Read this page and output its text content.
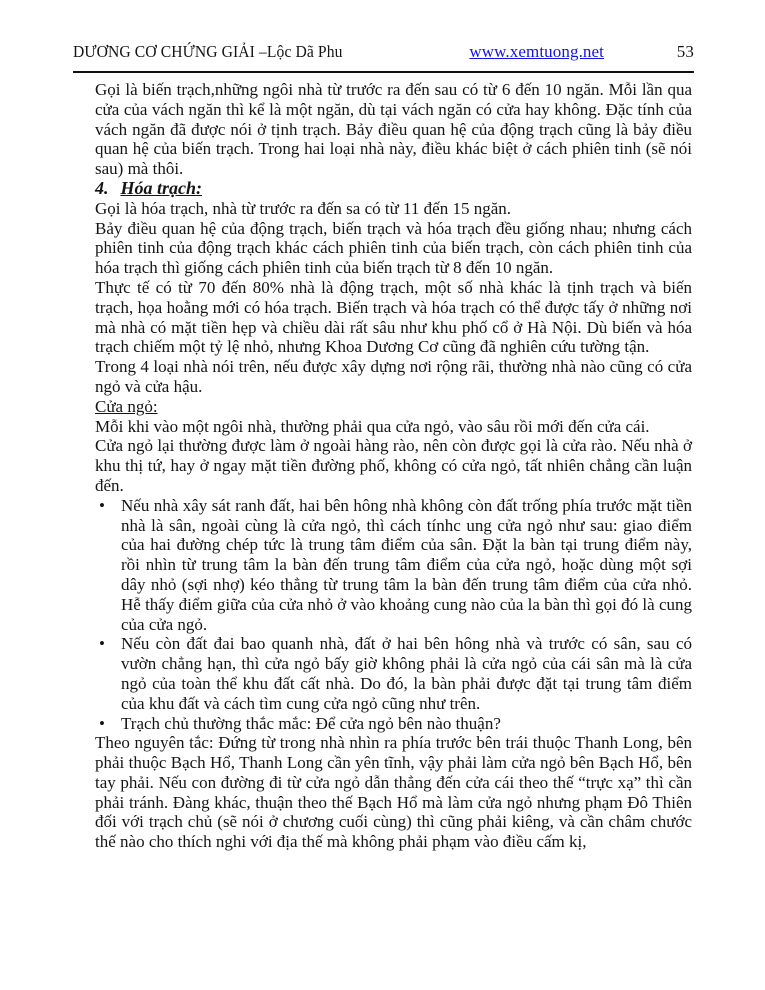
DƯƠNG CƠ CHỨNG GIẢI –Lộc Dã Phu	www.xemtuong.net	53

Gọi là biến trạch,những ngôi nhà từ trước ra đến sau có từ 6 đến 10 ngăn. Mỗi lần qua cửa của vách ngăn thì kể là một ngăn, dù tại vách ngăn có cửa hay không. Đặc tính của vách ngăn đã được nói ở tịnh trạch. Bảy điều quan hệ của động trạch cũng là bảy điều quan hệ của biến trạch. Trong hai loại nhà này, điều khác biệt ở cách phiên tinh (sẽ nói sau) mà thôi.

4. Hóa trạch:

Gọi là hóa trạch, nhà từ trước ra đến sa có từ 11 đến 15 ngăn.

Bảy điều quan hệ của động trạch, biến trạch và hóa trạch đều giống nhau; nhưng cách phiên tinh của động trạch khác cách phiên tinh của biến trạch, còn cách phiên tinh của hóa trạch thì giống cách phiên tinh của biến trạch từ 8 đến 10 ngăn.

Thực tế có từ 70 đến 80% nhà là động trạch, một số nhà khác là tịnh trạch và biến trạch, họa hoằng mới có hóa trạch. Biến trạch và hóa trạch có thể được tấy ở những nơi mà nhà có mặt tiền hẹp và chiều dài rất sâu như khu phố cổ ở Hà Nội. Dù biến và hóa trạch chiếm một tỷ lệ nhỏ, nhưng Khoa Dương Cơ cũng đã nghiên cứu tường tận.

Trong 4 loại nhà nói trên, nếu được xây dựng nơi rộng rãi, thường nhà nào cũng có cửa ngỏ và cửa hậu.

Cửa ngỏ:

Mỗi khi vào một ngôi nhà, thường phải qua cửa ngỏ, vào sâu rồi mới đến cửa cái.

Cửa ngỏ lại thường được làm ở ngoài hàng rào, nên còn được gọi là cửa rào. Nếu nhà ở khu thị tứ, hay ở ngay mặt tiền đường phố, không có cửa ngỏ, tất nhiên chẳng cần luận đến.

• Nếu nhà xây sát ranh đất, hai bên hông nhà không còn đất trống phía trước mặt tiền nhà là sân, ngoài cùng là cửa ngỏ, thì cách tínhc ung cửa ngỏ như sau: giao điểm của hai đường chép tức là trung tâm điểm của sân. Đặt la bàn tại trung điểm này, rồi nhìn từ trung tâm la bàn đến trung tâm điểm của cửa ngỏ, hoặc dùng một sợi dây nhỏ (sợi nhợ) kéo thẳng từ trung tâm la bàn đến trung tâm điểm của cửa nhỏ. Hễ thấy điểm giữa của cửa nhỏ ở vào khoảng cung nào của la bàn thì gọi đó là cung của cửa ngỏ.
• Nếu còn đất đai bao quanh nhà, đất ở hai bên hông nhà và trước có sân, sau có vườn chẳng hạn, thì cửa ngỏ bấy giờ không phải là cửa ngỏ của cái sân mà là cửa ngỏ của toàn thể khu đất cất nhà. Do đó, la bàn phải được đặt tại trung tâm điểm của khu đất và cách tìm cung cửa ngỏ cũng như trên.
• Trạch chủ thường thắc mắc: Để cửa ngỏ bên nào thuận?

Theo nguyên tắc: Đứng từ trong nhà nhìn ra phía trước bên trái thuộc Thanh Long, bên phải thuộc Bạch Hổ, Thanh Long cần yên tĩnh, vậy phải làm cửa ngỏ bên Bạch Hổ, bên tay phải. Nếu con đường đi từ cửa ngỏ dẫn thẳng đến cửa cái theo thế “trực xạ” thì cần phải tránh. Đàng khác, thuận theo thế Bạch Hổ mà làm cửa ngỏ nhưng phạm Đô Thiên đối với trạch chủ (sẽ nói ở chương cuối cùng) thì cũng phải kiêng, và cần châm chước thế nào cho thích nghi với địa thế mà không phải phạm vào điều cấm kị,
